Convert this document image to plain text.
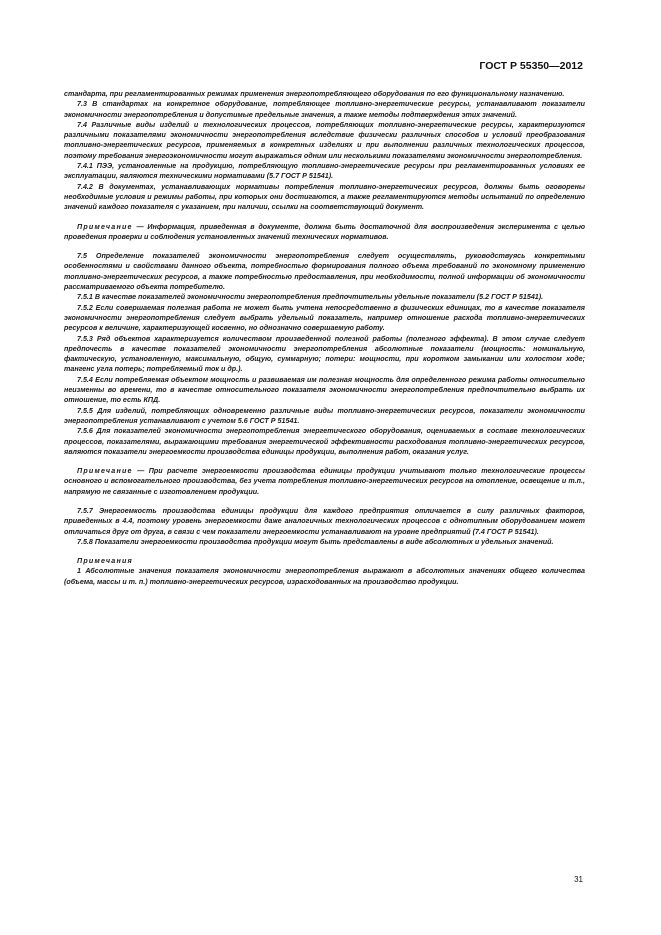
ГОСТ Р 55350—2012

стандарта, при регламентированных режимах применения энергопотребляющего оборудования по его функциональному назначению.

7.3 В стандартах на конкретное оборудование, потребляющее топливно-энергетические ресурсы, устанавливают показатели экономичности энергопотребления и допустимые предельные значения, а также методы подтверждения этих значений.

7.4 Различные виды изделий и технологических процессов, потребляющих топливно-энергетические ресурсы, характеризуются различными показателями экономичности энергопотребления вследствие физически различных способов и условий преобразования топливно-энергетических ресурсов, применяемых в конкретных изделиях и при выполнении различных технологических процессов, поэтому требования энергоэкономичности могут выражаться одним или несколькими показателями экономичности энергопотребления.

7.4.1 ПЭЭ, установленные на продукцию, потребляющую топливно-энергетические ресурсы при регламентированных условиях ее эксплуатации, являются техническими нормативами (5.7 ГОСТ Р 51541).

7.4.2 В документах, устанавливающих нормативы потребления топливно-энергетических ресурсов, должны быть оговорены необходимые условия и режимы работы, при которых они достигаются, а также регламентируются методы испытаний по определению значений каждого показателя с указанием, при наличии, ссылки на соответствующий документ.

Примечание — Информация, приведенная в документе, должна быть достаточной для воспроизведения эксперимента с целью проведения проверки и соблюдения установленных значений технических нормативов.

7.5 Определение показателей экономичности энергопотребления следует осуществлять, руководствуясь конкретными особенностями и свойствами данного объекта, потребностью формирования полного объема требований по экономному применению топливно-энергетических ресурсов, а также потребностью предоставления, при необходимости, полной информации об экономичности рассматриваемого объекта потребителю.

7.5.1 В качестве показателей экономичности энергопотребления предпочтительны удельные показатели (5.2 ГОСТ Р 51541).

7.5.2 Если совершаемая полезная работа не может быть учтена непосредственно в физических единицах, то в качестве показателя экономичности энергопотребления следует выбрать удельный показатель, например отношение расхода топливно-энергетических ресурсов к величине, характеризующей косвенно, но однозначно совершаемую работу.

7.5.3 Ряд объектов характеризуется количеством произведенной полезной работы (полезного эффекта). В этом случае следует предпочесть в качестве показателей экономичности энергопотребления абсолютные показатели (мощность: номинальную, фактическую, установленную, максимальную, общую, суммарную; потери: мощности, при коротком замыкании или холостом ходе; тангенс угла потерь; потребляемый ток и др.).

7.5.4 Если потребляемая объектом мощность и развиваемая им полезная мощность для определенного режима работы относительно неизменны во времени, то в качестве относительного показателя экономичности энергопотребления предпочтительно выбрать их отношение, то есть КПД.

7.5.5 Для изделий, потребляющих одновременно различные виды топливно-энергетических ресурсов, показатели экономичности энергопотребления устанавливают с учетом 5.6 ГОСТ Р 51541.

7.5.6 Для показателей экономичности энергопотребления энергетического оборудования, оцениваемых в составе технологических процессов, показателями, выражающими требования энергетической эффективности расходования топливно-энергетических ресурсов, являются показатели энергоемкости производства единицы продукции, выполнения работ, оказания услуг.

Примечание — При расчете энергоемкости производства единицы продукции учитывают только технологические процессы основного и вспомогательного производства, без учета потребления топливно-энергетических ресурсов на отопление, освещение и т.п., напрямую не связанные с изготовлением продукции.

7.5.7 Энергоемкость производства единицы продукции для каждого предприятия отличается в силу различных факторов, приведенных в 4.4, поэтому уровень энергоемкости даже аналогичных технологических процессов с однотипным оборудованием может отличаться друг от друга, в связи с чем показатели энергоемкости устанавливают на уровне предприятий (7.4 ГОСТ Р 51541).

7.5.8 Показатели энергоемкости производства продукции могут быть представлены в виде абсолютных и удельных значений.

Примечания

1 Абсолютные значения показателя экономичности энергопотребления выражают в абсолютных значениях общего количества (объема, массы и т. п.) топливно-энергетических ресурсов, израсходованных на производство продукции.

31
